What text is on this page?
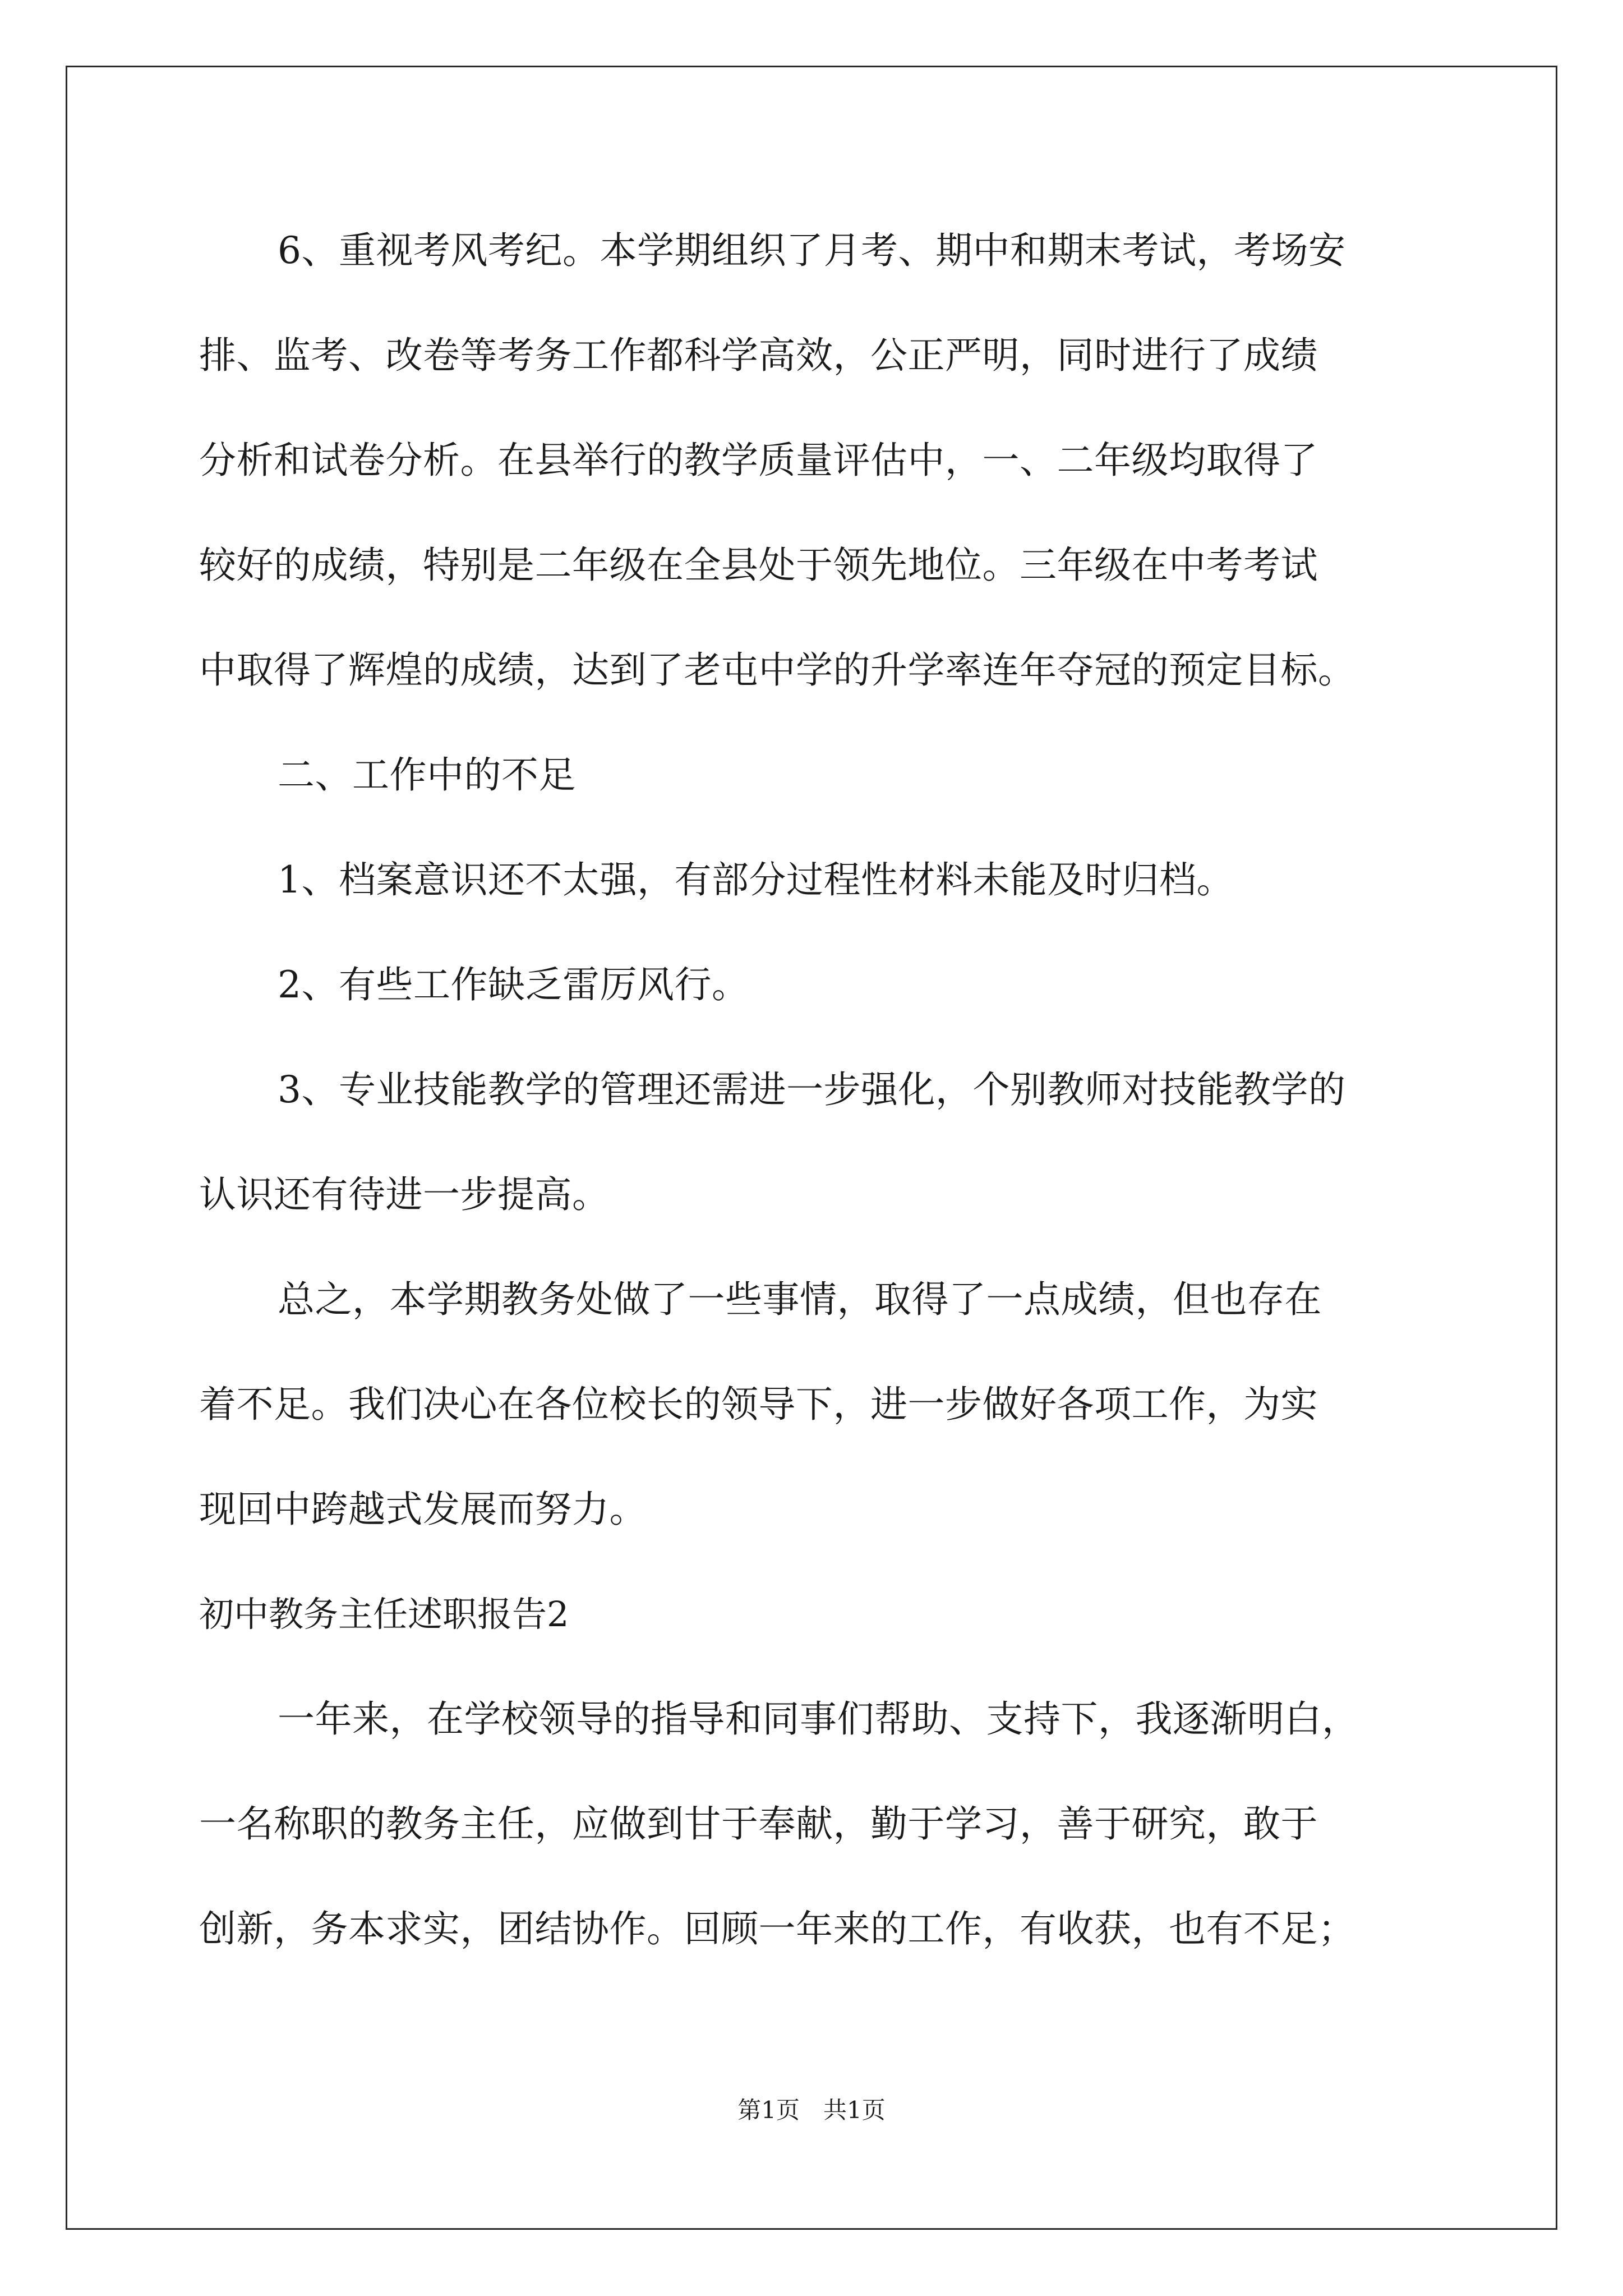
6、重视考风考纪。本学期组织了月考、期中和期末考试，考场安
排、监考、改卷等考务工作都科学高效，公正严明，同时进行了成绩
分析和试卷分析。在县举行的教学质量评估中，一、二年级均取得了
较好的成绩，特别是二年级在全县处于领先地位。三年级在中考考试
中取得了辉煌的成绩，达到了老屯中学的升学率连年夺冠的预定目标。
二、工作中的不足
1、档案意识还不太强，有部分过程性材料未能及时归档。
2、有些工作缺乏雷厉风行。
3、专业技能教学的管理还需进一步强化，个别教师对技能教学的
认识还有待进一步提高。
总之，本学期教务处做了一些事情，取得了一点成绩，但也存在
着不足。我们决心在各位校长的领导下，进一步做好各项工作，为实
现回中跨越式发展而努力。
初中教务主任述职报告2
一年来，在学校领导的指导和同事们帮助、支持下，我逐渐明白，
一名称职的教务主任，应做到甘于奉献，勤于学习，善于研究，敢于
创新，务本求实，团结协作。回顾一年来的工作，有收获，也有不足；
第1页　共1页
